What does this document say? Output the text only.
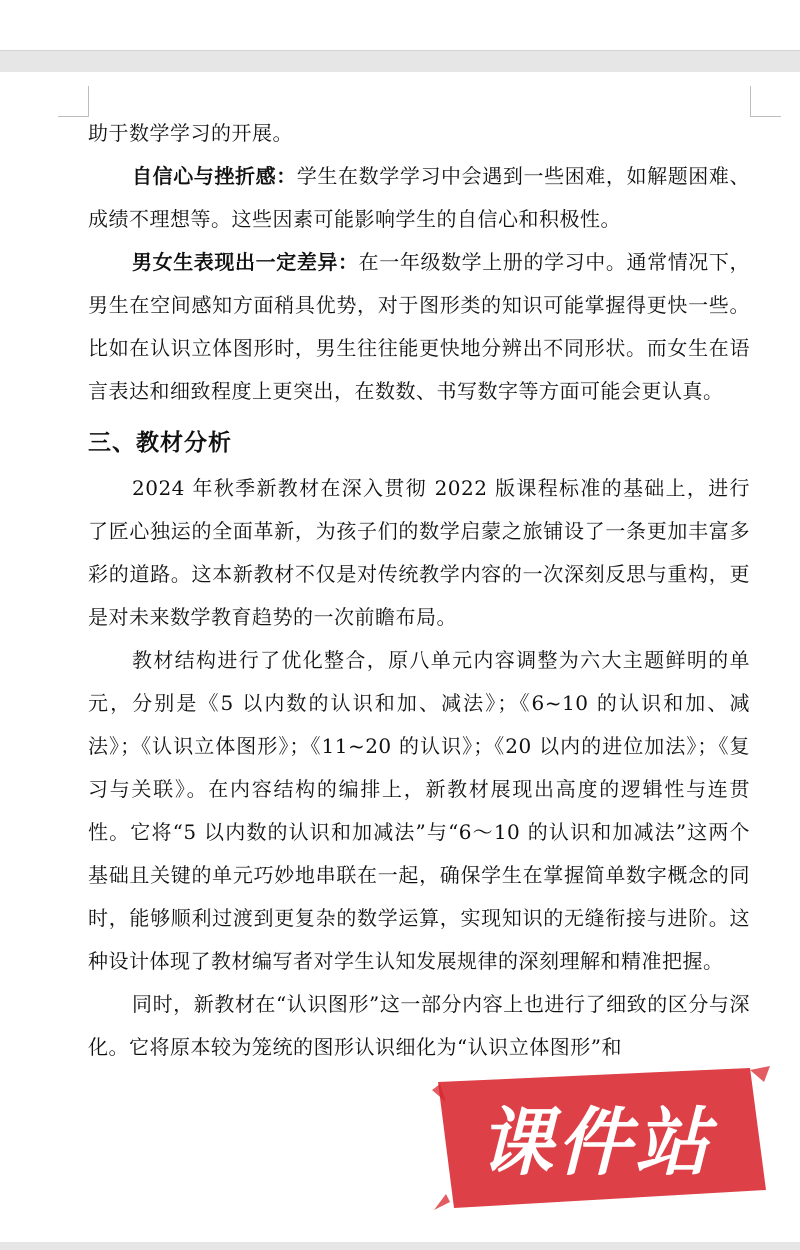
助于数学学习的开展。

自信心与挫折感：学生在数学学习中会遇到一些困难，如解题困难、成绩不理想等。这些因素可能影响学生的自信心和积极性。

男女生表现出一定差异：在一年级数学上册的学习中。通常情况下，男生在空间感知方面稍具优势，对于图形类的知识可能掌握得更快一些。比如在认识立体图形时，男生往往能更快地分辨出不同形状。而女生在语言表达和细致程度上更突出，在数数、书写数字等方面可能会更认真。

三、教材分析

2024 年秋季新教材在深入贯彻 2022 版课程标准的基础上，进行了匠心独运的全面革新，为孩子们的数学启蒙之旅铺设了一条更加丰富多彩的道路。这本新教材不仅是对传统教学内容的一次深刻反思与重构，更是对未来数学教育趋势的一次前瞻布局。

教材结构进行了优化整合，原八单元内容调整为六大主题鲜明的单元，分别是《5 以内数的认识和加、减法》；《6~10 的认识和加、减法》；《认识立体图形》；《11~20 的认识》；《20 以内的进位加法》；《复习与关联》。在内容结构的编排上，新教材展现出高度的逻辑性与连贯性。它将“5 以内数的认识和加减法”与“6～10 的认识和加减法”这两个基础且关键的单元巧妙地串联在一起，确保学生在掌握简单数字概念的同时，能够顺利过渡到更复杂的数学运算，实现知识的无缝衔接与进阶。这种设计体现了教材编写者对学生认知发展规律的深刻理解和精准把握。

同时，新教材在“认识图形”这一部分内容上也进行了细致的区分与深化。它将原本较为笼统的图形认识细化为“认识立体图形”和

课件站
